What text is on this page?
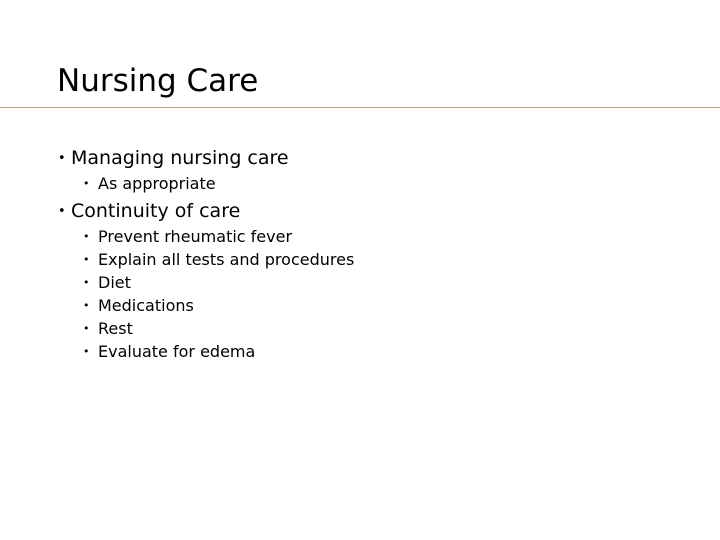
Nursing Care
• Managing nursing care
• As appropriate
• Continuity of care
• Prevent rheumatic fever
• Explain all tests and procedures
• Diet
• Medications
• Rest
• Evaluate for edema
